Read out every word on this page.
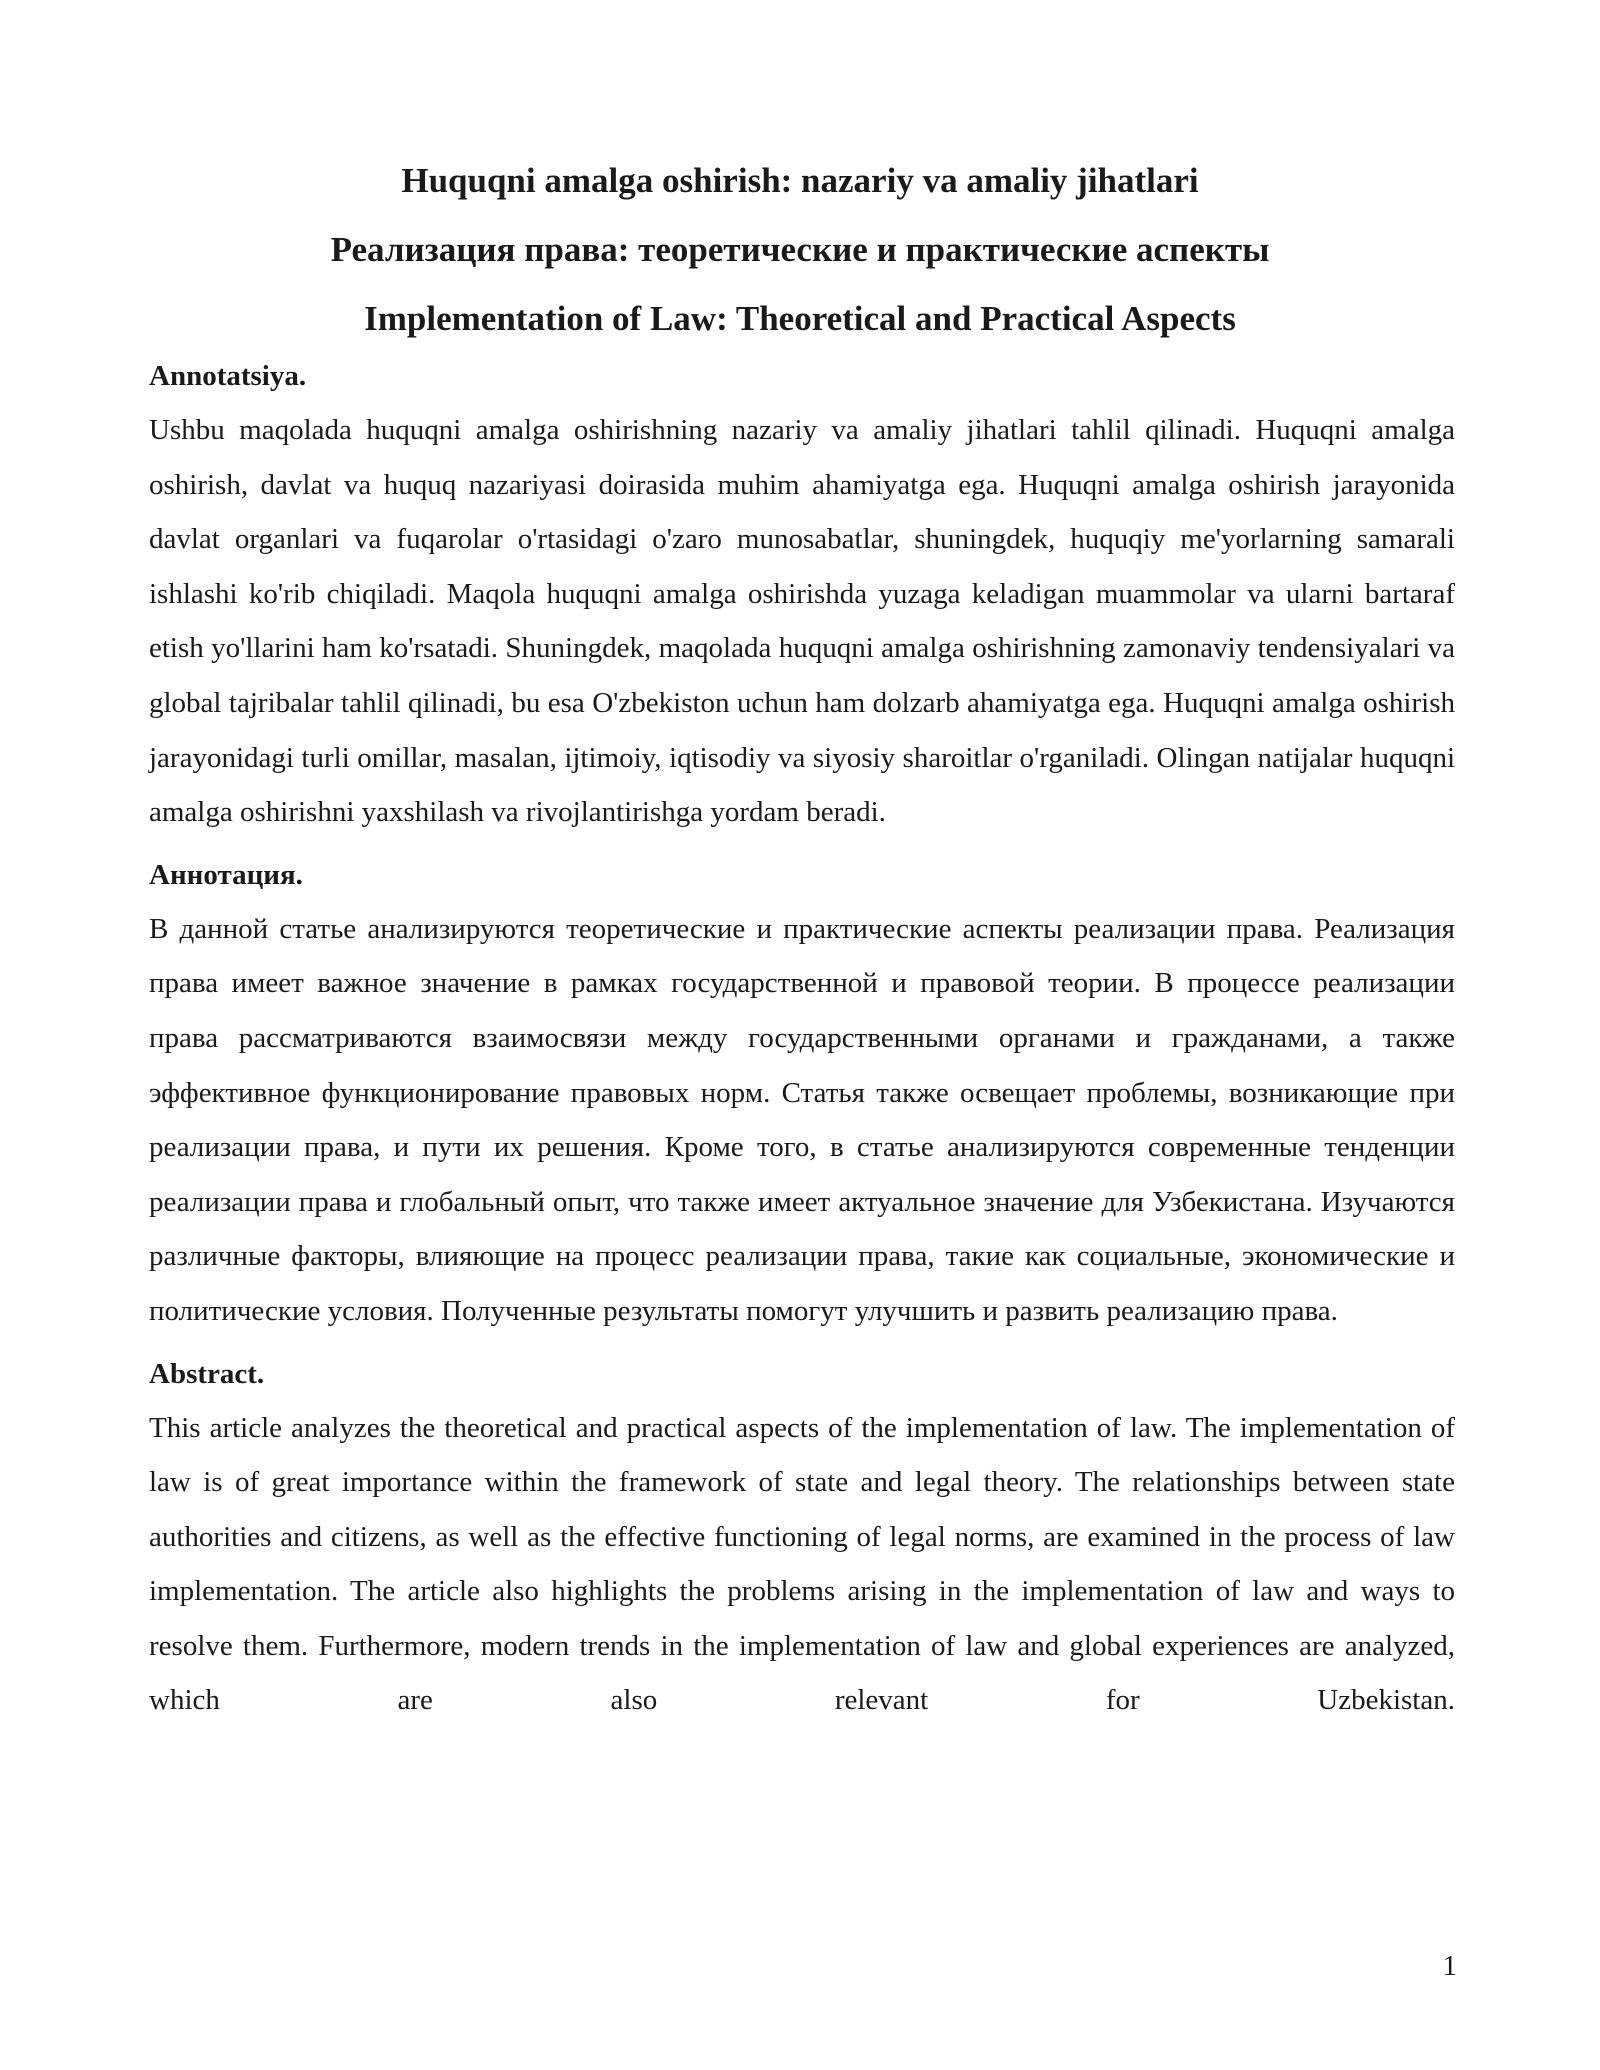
Huquqni amalga oshirish: nazariy va amaliy jihatlari

Реализация права: теоретические и практические аспекты

Implementation of Law: Theoretical and Practical Aspects

Annotatsiya.

Ushbu maqolada huquqni amalga oshirishning nazariy va amaliy jihatlari tahlil qilinadi. Huquqni amalga oshirish, davlat va huquq nazariyasi doirasida muhim ahamiyatga ega. Huquqni amalga oshirish jarayonida davlat organlari va fuqarolar o'rtasidagi o'zaro munosabatlar, shuningdek, huquqiy me'yorlarning samarali ishlashi ko'rib chiqiladi. Maqola huquqni amalga oshirishda yuzaga keladigan muammolar va ularni bartaraf etish yo'llarini ham ko'rsatadi. Shuningdek, maqolada huquqni amalga oshirishning zamonaviy tendensiyalari va global tajribalar tahlil qilinadi, bu esa O'zbekiston uchun ham dolzarb ahamiyatga ega. Huquqni amalga oshirish jarayonidagi turli omillar, masalan, ijtimoiy, iqtisodiy va siyosiy sharoitlar o'rganiladi. Olingan natijalar huquqni amalga oshirishni yaxshilash va rivojlantirishga yordam beradi.

Аннотация.

В данной статье анализируются теоретические и практические аспекты реализации права. Реализация права имеет важное значение в рамках государственной и правовой теории. В процессе реализации права рассматриваются взаимосвязи между государственными органами и гражданами, а также эффективное функционирование правовых норм. Статья также освещает проблемы, возникающие при реализации права, и пути их решения. Кроме того, в статье анализируются современные тенденции реализации права и глобальный опыт, что также имеет актуальное значение для Узбекистана. Изучаются различные факторы, влияющие на процесс реализации права, такие как социальные, экономические и политические условия. Полученные результаты помогут улучшить и развить реализацию права.

Abstract.

This article analyzes the theoretical and practical aspects of the implementation of law. The implementation of law is of great importance within the framework of state and legal theory. The relationships between state authorities and citizens, as well as the effective functioning of legal norms, are examined in the process of law implementation. The article also highlights the problems arising in the implementation of law and ways to resolve them. Furthermore, modern trends in the implementation of law and global experiences are analyzed, which are also relevant for Uzbekistan.

1
